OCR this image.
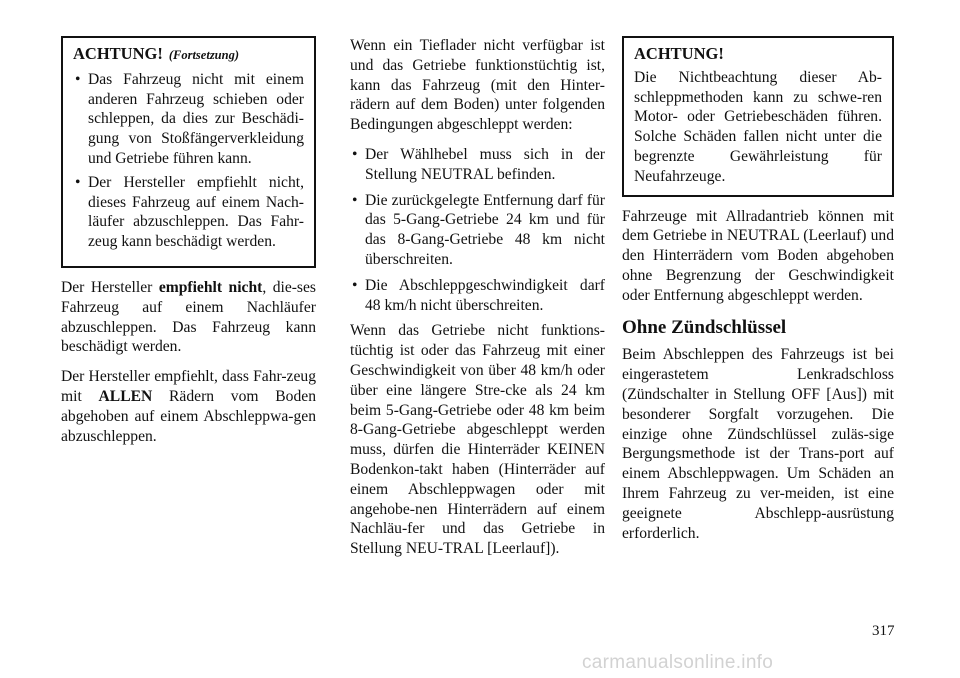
ACHTUNG! (Fortsetzung)
• Das Fahrzeug nicht mit einem anderen Fahrzeug schieben oder schleppen, da dies zur Beschädi-gung von Stoßfängerverkleidung und Getriebe führen kann.
• Der Hersteller empfiehlt nicht, dieses Fahrzeug auf einem Nach-läufer abzuschleppen. Das Fahr-zeug kann beschädigt werden.

Der Hersteller empfiehlt nicht, die-ses Fahrzeug auf einem Nachläufer abzuschleppen. Das Fahrzeug kann beschädigt werden.

Der Hersteller empfiehlt, dass Fahr-zeug mit ALLEN Rädern vom Boden abgehoben auf einem Abschleppwa-gen abzuschleppen.

Wenn ein Tieflader nicht verfügbar ist und das Getriebe funktionstüchtig ist, kann das Fahrzeug (mit den Hinter-rädern auf dem Boden) unter folgenden Bedingungen abgeschleppt werden:

• Der Wählhebel muss sich in der Stellung NEUTRAL befinden.
• Die zurückgelegte Entfernung darf für das 5-Gang-Getriebe 24 km und für das 8-Gang-Getriebe 48 km nicht überschreiten.
• Die Abschleppgeschwindigkeit darf 48 km/h nicht überschreiten.

Wenn das Getriebe nicht funktions-tüchtig ist oder das Fahrzeug mit einer Geschwindigkeit von über 48 km/h oder über eine längere Stre-cke als 24 km beim 5-Gang-Getriebe oder 48 km beim 8-Gang-Getriebe abgeschleppt werden muss, dürfen die Hinterräder KEINEN Bodenkon-takt haben (Hinterräder auf einem Abschleppwagen oder mit angehobe-nen Hinterrädern auf einem Nachläu-fer und das Getriebe in Stellung NEU-TRAL [Leerlauf]).

ACHTUNG!

Die Nichtbeachtung dieser Ab-schleppmethoden kann zu schwe-ren Motor- oder Getriebeschäden führen. Solche Schäden fallen nicht unter die begrenzte Gewährleistung für Neufahrzeuge.

Fahrzeuge mit Allradantrieb können mit dem Getriebe in NEUTRAL (Leerlauf) und den Hinterrädern vom Boden abgehoben ohne Begrenzung der Geschwindigkeit oder Entfernung abgeschleppt werden.

Ohne Zündschlüssel

Beim Abschleppen des Fahrzeugs ist bei eingerastetem Lenkradschloss (Zündschalter in Stellung OFF [Aus]) mit besonderer Sorgfalt vorzugehen. Die einzige ohne Zündschlüssel zuläs-sige Bergungsmethode ist der Trans-port auf einem Abschleppwagen. Um Schäden an Ihrem Fahrzeug zu ver-meiden, ist eine geeignete Abschlepp-ausrüstung erforderlich.

317
carmanualsonline.info
